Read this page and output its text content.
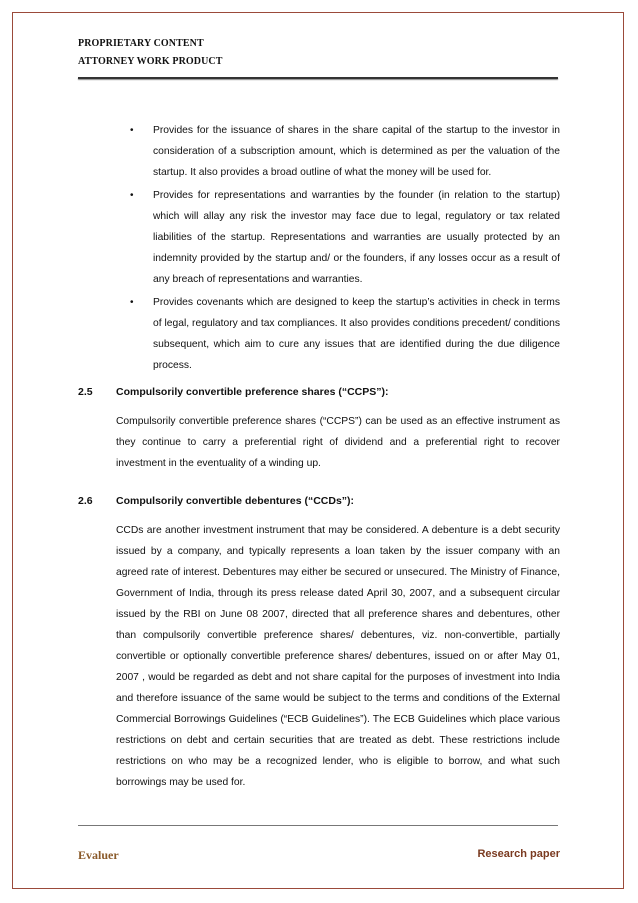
PROPRIETARY CONTENT
ATTORNEY WORK PRODUCT
• Provides for the issuance of shares in the share capital of the startup to the investor in consideration of a subscription amount, which is determined as per the valuation of the startup. It also provides a broad outline of what the money will be used for.
• Provides for representations and warranties by the founder (in relation to the startup) which will allay any risk the investor may face due to legal, regulatory or tax related liabilities of the startup. Representations and warranties are usually protected by an indemnity provided by the startup and/ or the founders, if any losses occur as a result of any breach of representations and warranties.
• Provides covenants which are designed to keep the startup’s activities in check in terms of legal, regulatory and tax compliances. It also provides conditions precedent/ conditions subsequent, which aim to cure any issues that are identified during the due diligence process.
2.5 Compulsorily convertible preference shares (“CCPS”):
Compulsorily convertible preference shares (“CCPS”) can be used as an effective instrument as they continue to carry a preferential right of dividend and a preferential right to recover investment in the eventuality of a winding up.
2.6 Compulsorily convertible debentures (“CCDs”):
CCDs are another investment instrument that may be considered. A debenture is a debt security issued by a company, and typically represents a loan taken by the issuer company with an agreed rate of interest. Debentures may either be secured or unsecured. The Ministry of Finance, Government of India, through its press release dated April 30, 2007, and a subsequent circular issued by the RBI on June 08 2007, directed that all preference shares and debentures, other than compulsorily convertible preference shares/ debentures, viz. non-convertible, partially convertible or optionally convertible preference shares/ debentures, issued on or after May 01, 2007 , would be regarded as debt and not share capital for the purposes of investment into India and therefore issuance of the same would be subject to the terms and conditions of the External Commercial Borrowings Guidelines (“ECB Guidelines”). The ECB Guidelines which place various restrictions on debt and certain securities that are treated as debt. These restrictions include restrictions on who may be a recognized lender, who is eligible to borrow, and what such borrowings may be used for.
Evaluer	Research paper
